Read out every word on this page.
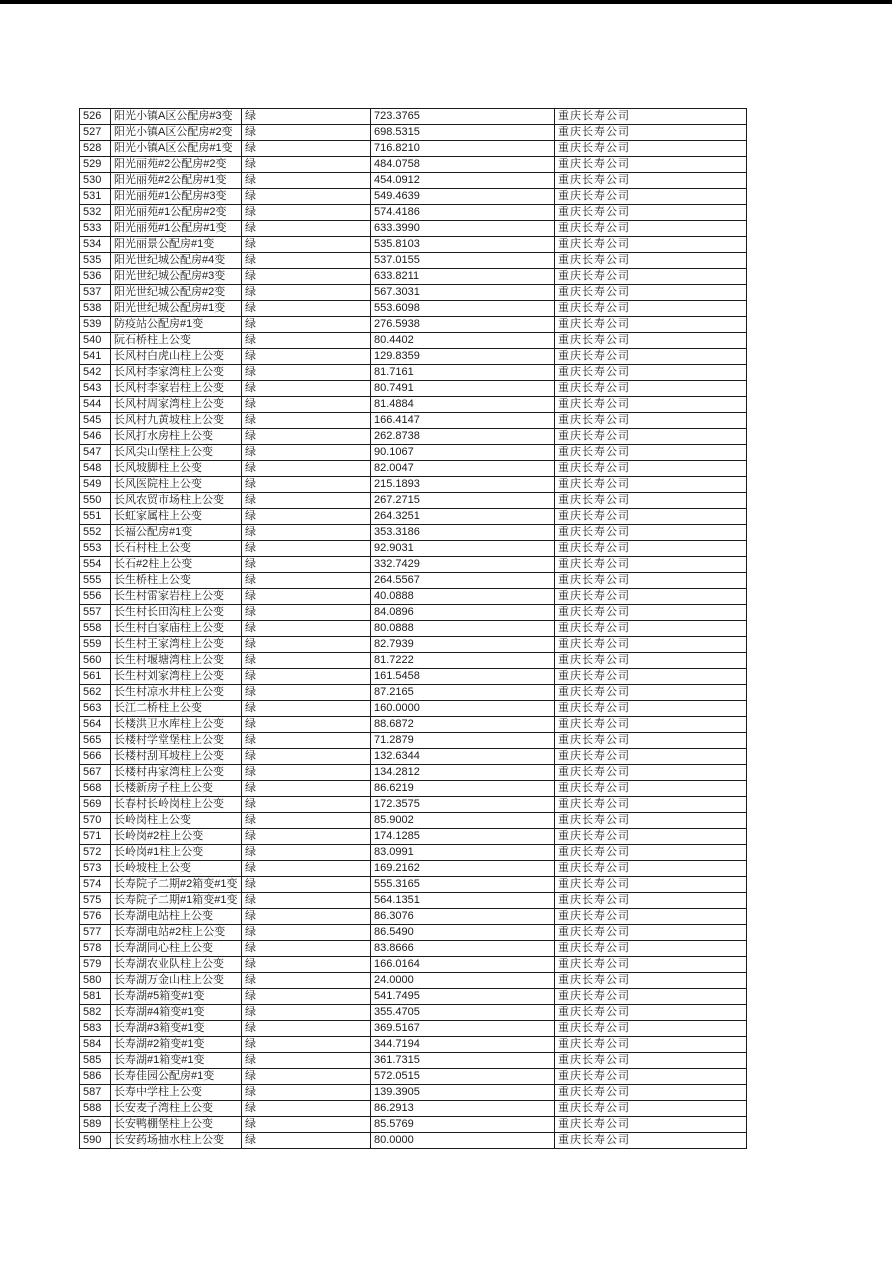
526	阳光小镇A区公配房#3变	绿	723.3765	重庆长寿公司
527	阳光小镇A区公配房#2变	绿	698.5315	重庆长寿公司
528	阳光小镇A区公配房#1变	绿	716.8210	重庆长寿公司
529	阳光丽苑#2公配房#2变	绿	484.0758	重庆长寿公司
530	阳光丽苑#2公配房#1变	绿	454.0912	重庆长寿公司
531	阳光丽苑#1公配房#3变	绿	549.4639	重庆长寿公司
532	阳光丽苑#1公配房#2变	绿	574.4186	重庆长寿公司
533	阳光丽苑#1公配房#1变	绿	633.3990	重庆长寿公司
534	阳光丽景公配房#1变	绿	535.8103	重庆长寿公司
535	阳光世纪城公配房#4变	绿	537.0155	重庆长寿公司
536	阳光世纪城公配房#3变	绿	633.8211	重庆长寿公司
537	阳光世纪城公配房#2变	绿	567.3031	重庆长寿公司
538	阳光世纪城公配房#1变	绿	553.6098	重庆长寿公司
539	防疫站公配房#1变	绿	276.5938	重庆长寿公司
540	阮石桥柱上公变	绿	80.4402	重庆长寿公司
541	长风村白虎山柱上公变	绿	129.8359	重庆长寿公司
542	长风村李家湾柱上公变	绿	81.7161	重庆长寿公司
543	长风村李家岩柱上公变	绿	80.7491	重庆长寿公司
544	长风村周家湾柱上公变	绿	81.4884	重庆长寿公司
545	长风村九黄坡柱上公变	绿	166.4147	重庆长寿公司
546	长风打水房柱上公变	绿	262.8738	重庆长寿公司
547	长风尖山堡柱上公变	绿	90.1067	重庆长寿公司
548	长风坡脚柱上公变	绿	82.0047	重庆长寿公司
549	长风医院柱上公变	绿	215.1893	重庆长寿公司
550	长风农贸市场柱上公变	绿	267.2715	重庆长寿公司
551	长虹家属柱上公变	绿	264.3251	重庆长寿公司
552	长福公配房#1变	绿	353.3186	重庆长寿公司
553	长石村柱上公变	绿	92.9031	重庆长寿公司
554	长石#2柱上公变	绿	332.7429	重庆长寿公司
555	长生桥柱上公变	绿	264.5567	重庆长寿公司
556	长生村雷家岩柱上公变	绿	40.0888	重庆长寿公司
557	长生村长田沟柱上公变	绿	84.0896	重庆长寿公司
558	长生村白家庙柱上公变	绿	80.0888	重庆长寿公司
559	长生村王家湾柱上公变	绿	82.7939	重庆长寿公司
560	长生村堰塘湾柱上公变	绿	81.7222	重庆长寿公司
561	长生村刘家湾柱上公变	绿	161.5458	重庆长寿公司
562	长生村凉水井柱上公变	绿	87.2165	重庆长寿公司
563	长江二桥柱上公变	绿	160.0000	重庆长寿公司
564	长楼洪卫水库柱上公变	绿	88.6872	重庆长寿公司
565	长楼村学堂堡柱上公变	绿	71.2879	重庆长寿公司
566	长楼村刮耳坡柱上公变	绿	132.6344	重庆长寿公司
567	长楼村冉家湾柱上公变	绿	134.2812	重庆长寿公司
568	长楼新房子柱上公变	绿	86.6219	重庆长寿公司
569	长春村长岭岗柱上公变	绿	172.3575	重庆长寿公司
570	长岭岗柱上公变	绿	85.9002	重庆长寿公司
571	长岭岗#2柱上公变	绿	174.1285	重庆长寿公司
572	长岭岗#1柱上公变	绿	83.0991	重庆长寿公司
573	长岭坡柱上公变	绿	169.2162	重庆长寿公司
574	长寿院子二期#2箱变#1变	绿	555.3165	重庆长寿公司
575	长寿院子二期#1箱变#1变	绿	564.1351	重庆长寿公司
576	长寿湖电站柱上公变	绿	86.3076	重庆长寿公司
577	长寿湖电站#2柱上公变	绿	86.5490	重庆长寿公司
578	长寿湖同心柱上公变	绿	83.8666	重庆长寿公司
579	长寿湖农业队柱上公变	绿	166.0164	重庆长寿公司
580	长寿湖万金山柱上公变	绿	24.0000	重庆长寿公司
581	长寿湖#5箱变#1变	绿	541.7495	重庆长寿公司
582	长寿湖#4箱变#1变	绿	355.4705	重庆长寿公司
583	长寿湖#3箱变#1变	绿	369.5167	重庆长寿公司
584	长寿湖#2箱变#1变	绿	344.7194	重庆长寿公司
585	长寿湖#1箱变#1变	绿	361.7315	重庆长寿公司
586	长寿佳园公配房#1变	绿	572.0515	重庆长寿公司
587	长寿中学柱上公变	绿	139.3905	重庆长寿公司
588	长安麦子湾柱上公变	绿	86.2913	重庆长寿公司
589	长安鸭棚堡柱上公变	绿	85.5769	重庆长寿公司
590	长安药场抽水柱上公变	绿	80.0000	重庆长寿公司
